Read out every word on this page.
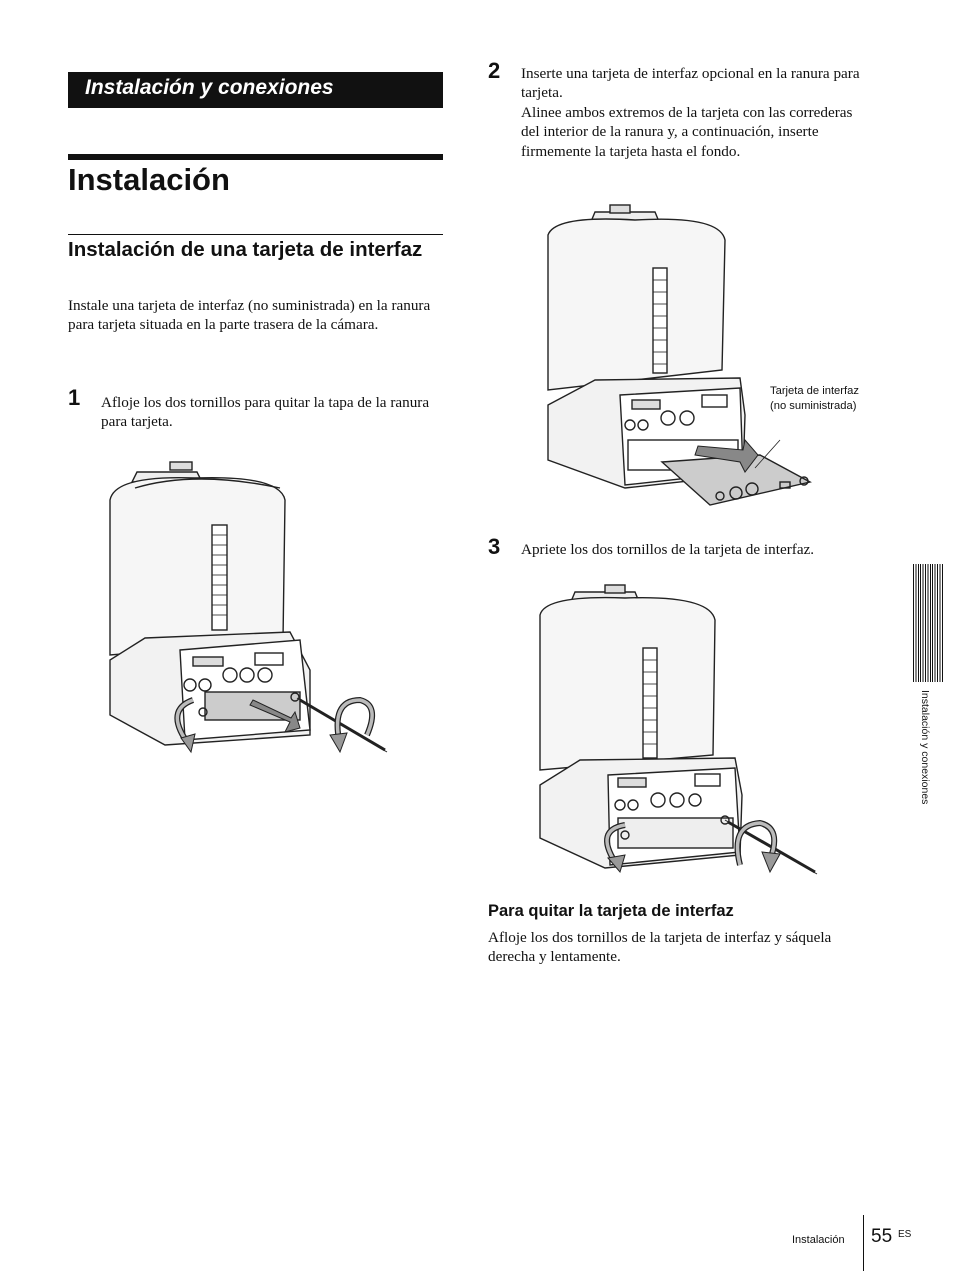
Instalación y conexiones
Instalación
Instalación de una tarjeta de interfaz
Instale una tarjeta de interfaz (no suministrada) en la ranura para tarjeta situada en la parte trasera de la cámara.
1 Afloje los dos tornillos para quitar la tapa de la ranura para tarjeta.
2 Inserte una tarjeta de interfaz opcional en la ranura para tarjeta.
Alinee ambos extremos de la tarjeta con las correderas del interior de la ranura y, a continuación, inserte firmemente la tarjeta hasta el fondo.
Tarjeta de interfaz (no suministrada)
3 Apriete los dos tornillos de la tarjeta de interfaz.
Para quitar la tarjeta de interfaz
Afloje los dos tornillos de la tarjeta de interfaz y sáquela derecha y lentamente.
Instalación y conexiones
Instalación 55 ES
